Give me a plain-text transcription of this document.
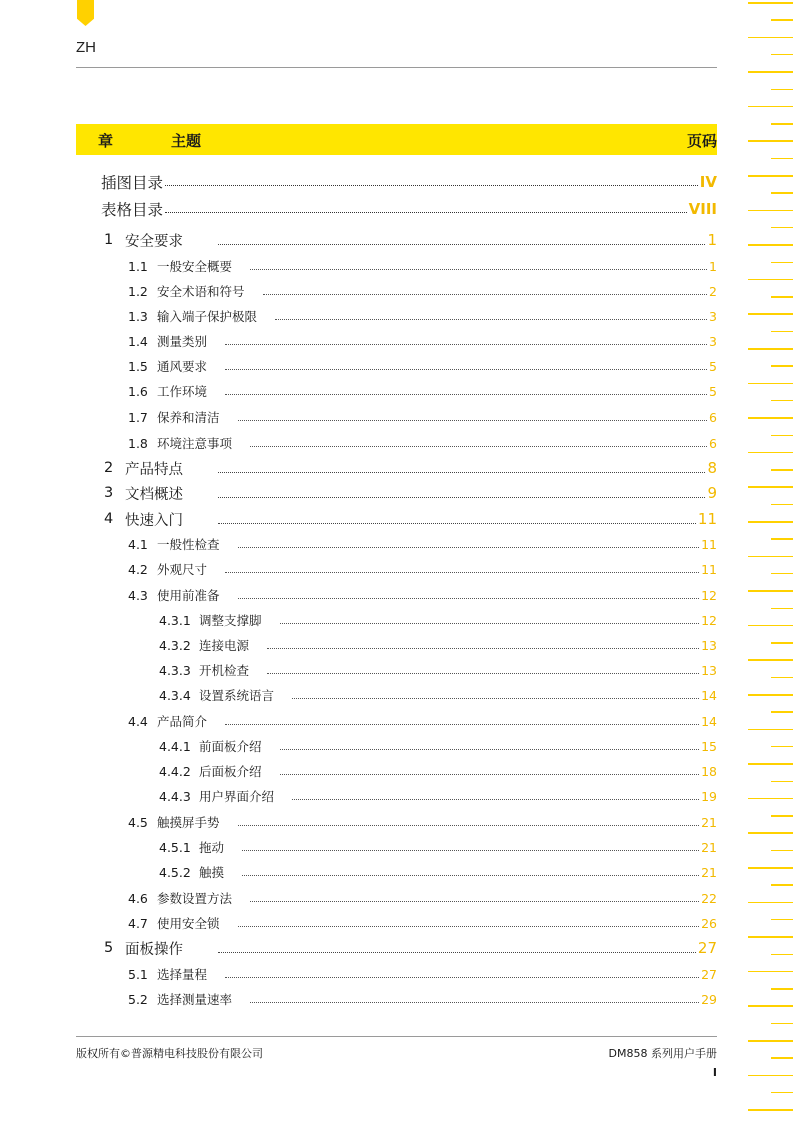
ZH
章	主题	页码
插图目录	IV
表格目录	VIII
1 安全要求	1
1.1 一般安全概要	1
1.2 安全术语和符号	2
1.3 输入端子保护极限	3
1.4 测量类别	3
1.5 通风要求	5
1.6 工作环境	5
1.7 保养和清洁	6
1.8 环境注意事项	6
2 产品特点	8
3 文档概述	9
4 快速入门	11
4.1 一般性检查	11
4.2 外观尺寸	11
4.3 使用前准备	12
4.3.1 调整支撑脚	12
4.3.2 连接电源	13
4.3.3 开机检查	13
4.3.4 设置系统语言	14
4.4 产品简介	14
4.4.1 前面板介绍	15
4.4.2 后面板介绍	18
4.4.3 用户界面介绍	19
4.5 触摸屏手势	21
4.5.1 拖动	21
4.5.2 触摸	21
4.6 参数设置方法	22
4.7 使用安全锁	26
5 面板操作	27
5.1 选择量程	27
5.2 选择测量速率	29
版权所有©普源精电科技股份有限公司	DM858 系列用户手册
I
